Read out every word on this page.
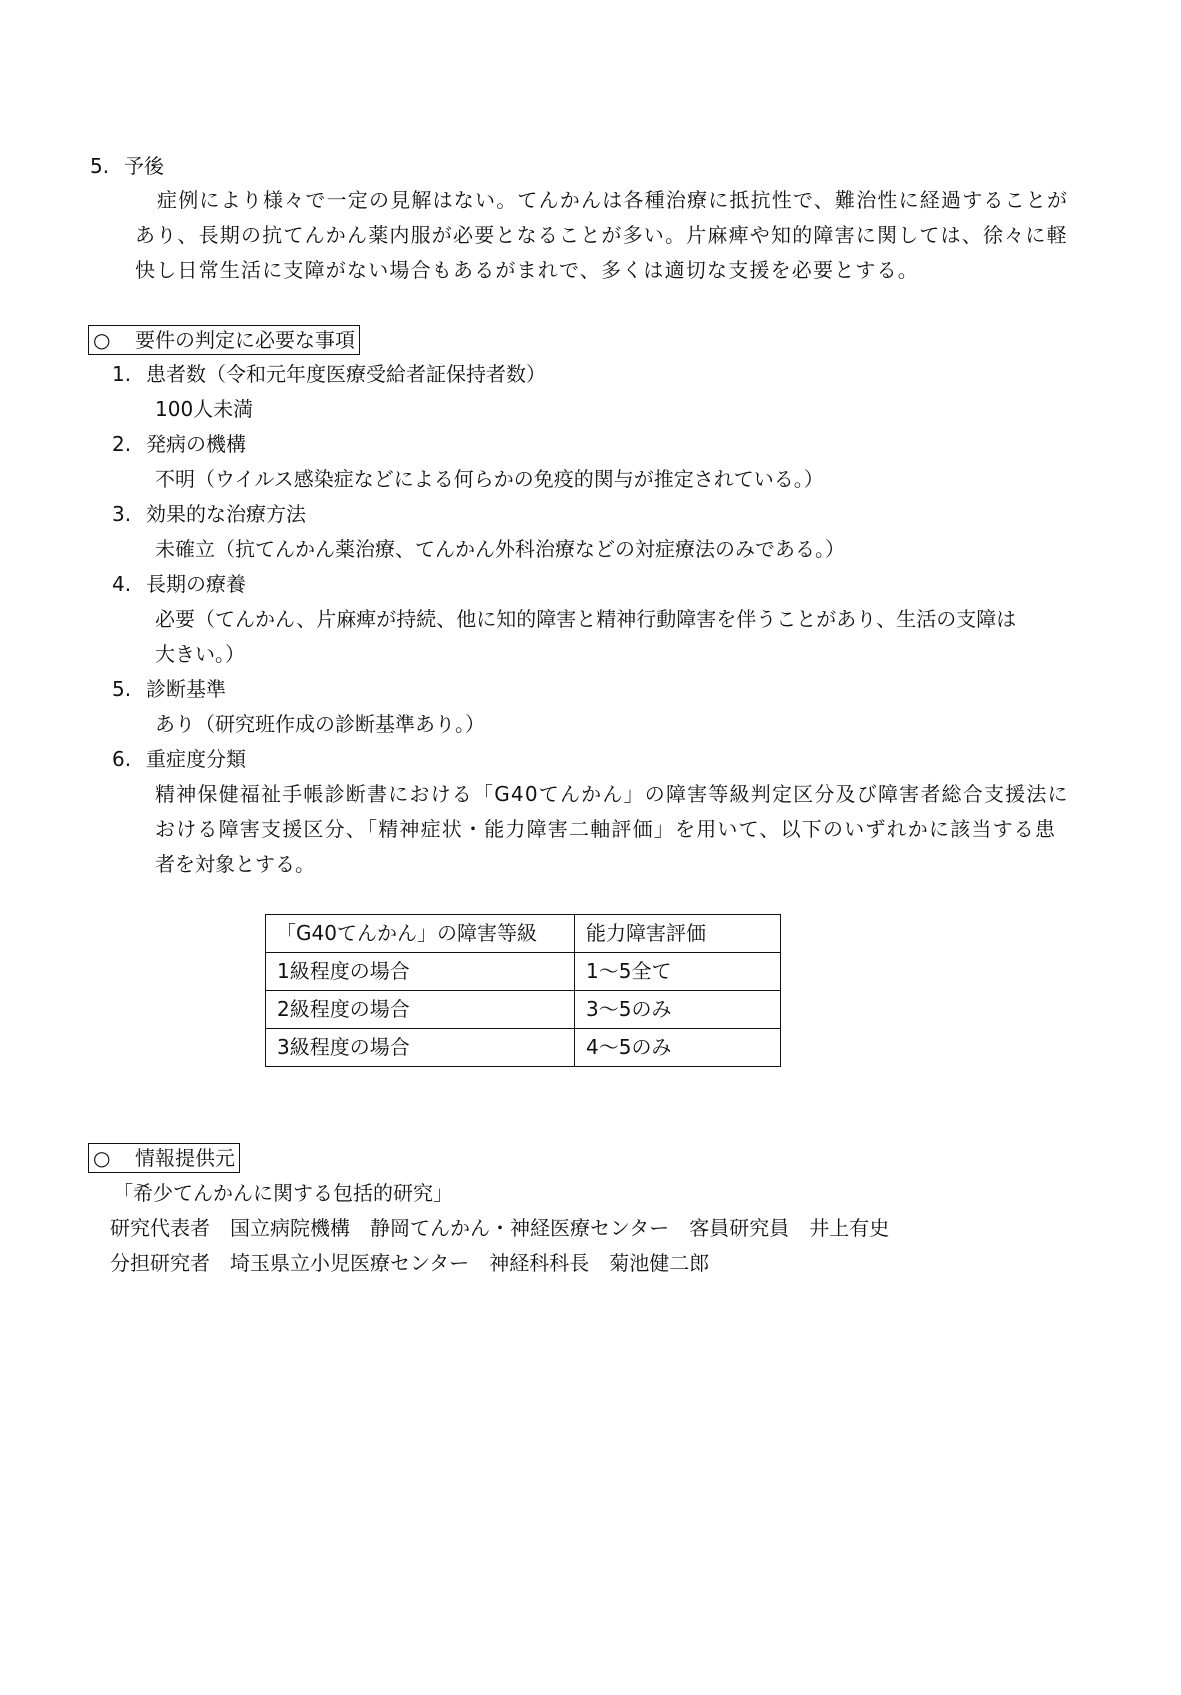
5. 予後
症例により様々で一定の見解はない。てんかんは各種治療に抵抗性で、難治性に経過することが
あり、長期の抗てんかん薬内服が必要となることが多い。片麻痺や知的障害に関しては、徐々に軽
快し日常生活に支障がない場合もあるがまれで、多くは適切な支援を必要とする。
○ 要件の判定に必要な事項
1. 患者数（令和元年度医療受給者証保持者数）
100人未満
2. 発病の機構
不明（ウイルス感染症などによる何らかの免疫的関与が推定されている。）
3. 効果的な治療方法
未確立（抗てんかん薬治療、てんかん外科治療などの対症療法のみである。）
4. 長期の療養
必要（てんかん、片麻痺が持続、他に知的障害と精神行動障害を伴うことがあり、生活の支障は
大きい。）
5. 診断基準
あり（研究班作成の診断基準あり。）
6. 重症度分類
精神保健福祉手帳診断書における「G40てんかん」の障害等級判定区分及び障害者総合支援法に
おける障害支援区分、「精神症状・能力障害二軸評価」を用いて、以下のいずれかに該当する患
者を対象とする。
「G40てんかん」の障害等級	能力障害評価
1級程度の場合	1～5全て
2級程度の場合	3～5のみ
3級程度の場合	4～5のみ
○ 情報提供元
「希少てんかんに関する包括的研究」
研究代表者　国立病院機構　静岡てんかん・神経医療センター　客員研究員　井上有史
分担研究者　埼玉県立小児医療センター　神経科科長　菊池健二郎
